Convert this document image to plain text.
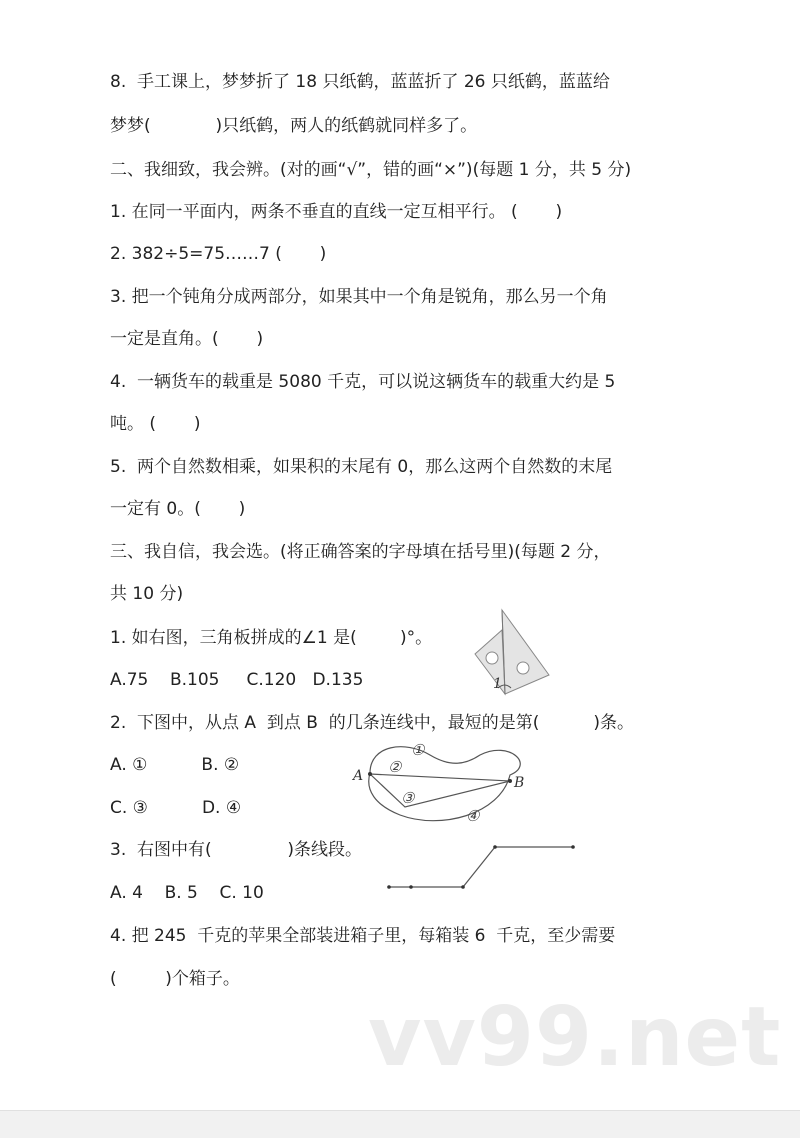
8.  手工课上，梦梦折了 18 只纸鹤，蓝蓝折了 26 只纸鹤，蓝蓝给
梦梦(            )只纸鹤，两人的纸鹤就同样多了。
二、我细致，我会辨。(对的画“√”，错的画“×”)(每题 1 分，共 5 分)
1. 在同一平面内，两条不垂直的直线一定互相平行。 (       )
2. 382÷5=75……7 (       )
3. 把一个钝角分成两部分，如果其中一个角是锐角，那么另一个角
一定是直角。(       )
4.  一辆货车的载重是 5080 千克，可以说这辆货车的载重大约是 5
吨。 (       )
5.  两个自然数相乘，如果积的末尾有 0，那么这两个自然数的末尾
一定有 0。(       )
三、我自信，我会选。(将正确答案的字母填在括号里)(每题 2 分，
共 10 分)
1. 如右图，三角板拼成的∠1 是(        )°。
A.75    B.105     C.120   D.135
2.  下图中，从点 A  到点 B  的几条连线中，最短的是第(          )条。
A. ①          B. ②
C. ③          D. ④
3.  右图中有(              )条线段。
A. 4    B. 5    C. 10
4. 把 245  千克的苹果全部装进箱子里，每箱装 6  千克，至少需要
(         )个箱子。
1
A	B
①
②
③
④
vv99.net
